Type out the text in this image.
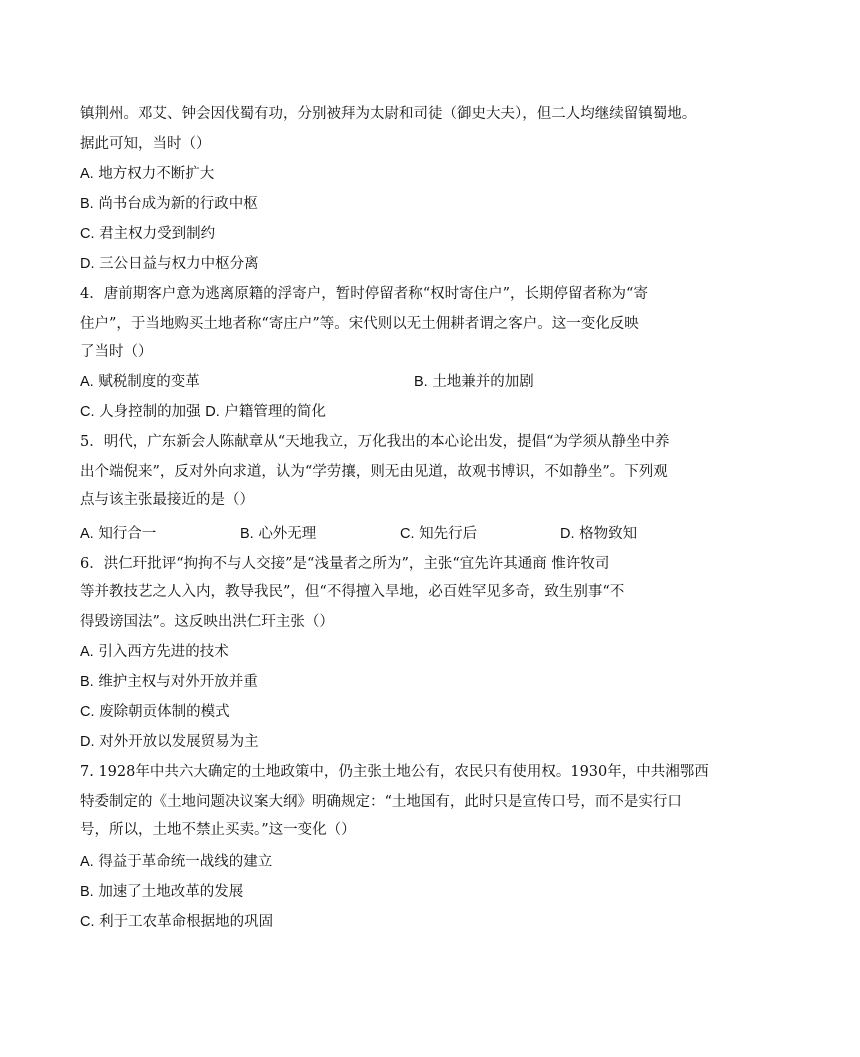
镇荆州。邓艾、钟会因伐蜀有功，分别被拜为太尉和司徒（御史大夫），但二人均继续留镇蜀地。
据此可知，当时（）
A. 地方权力不断扩大
B. 尚书台成为新的行政中枢
C. 君主权力受到制约
D. 三公日益与权力中枢分离
4．唐前期客户意为逃离原籍的浮寄户，暂时停留者称“权时寄住户”，长期停留者称为“寄
住户”，于当地购买土地者称“寄庄户”等。宋代则以无土佣耕者谓之客户。这一变化反映
了当时（）
A. 赋税制度的变革	B. 土地兼并的加剧
C. 人身控制的加强 D. 户籍管理的简化
5．明代，广东新会人陈献章从“天地我立，万化我出的本心论出发，提倡“为学须从静坐中养
出个端倪来”，反对外向求道，认为“学劳攘，则无由见道，故观书博识，不如静坐”。下列观
点与该主张最接近的是（）
A. 知行合一	B. 心外无理	C. 知先行后	D. 格物致知
6．洪仁玕批评“拘拘不与人交接”是“浅量者之所为”，主张“宜先许其通商 惟许牧司
等并教技艺之人入内，教导我民”，但“不得擅入旱地，必百姓罕见多奇，致生别事“不
得毁谤国法”。这反映出洪仁玕主张（）
A. 引入西方先进的技术
B. 维护主权与对外开放并重
C. 废除朝贡体制的模式
D. 对外开放以发展贸易为主
7. 1928年中共六大确定的土地政策中，仍主张土地公有，农民只有使用权。1930年，中共湘鄂西
特委制定的《土地问题决议案大纲》明确规定：“土地国有，此时只是宣传口号，而不是实行口
号，所以，土地不禁止买卖。”这一变化（）
A. 得益于革命统一战线的建立
B. 加速了土地改革的发展
C. 利于工农革命根据地的巩固
